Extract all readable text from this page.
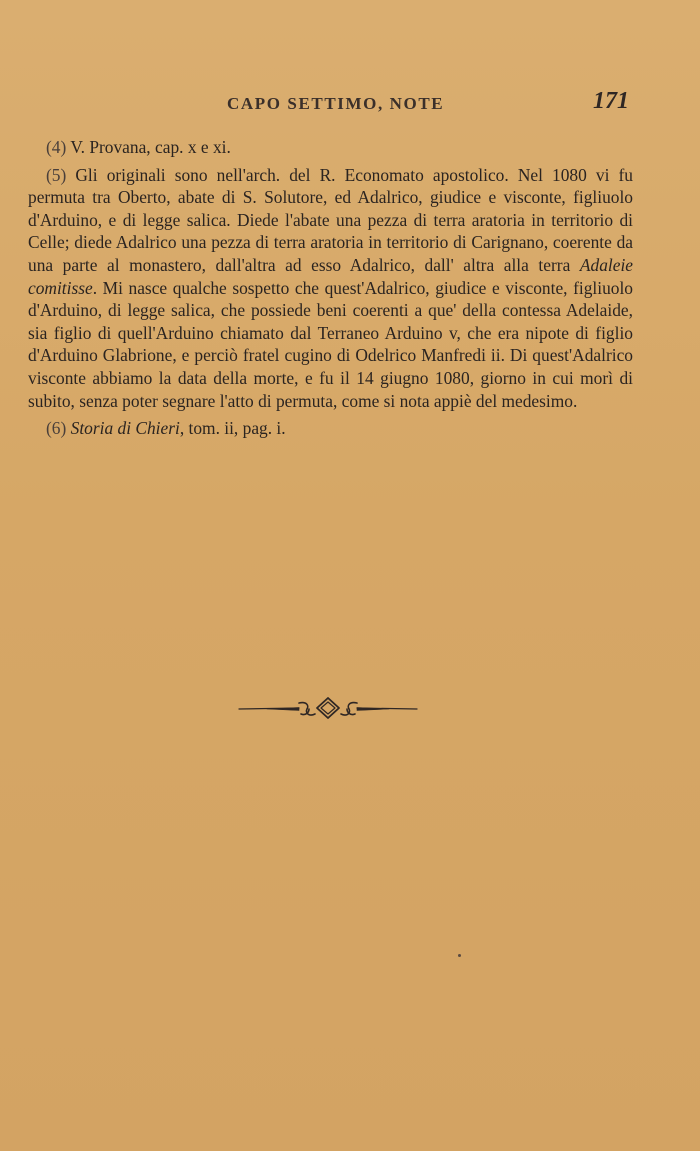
CAPO SETTIMO, NOTE	171

(4) V. Provana, cap. x e xi.

(5) Gli originali sono nell'arch. del R. Economato apostolico. Nel 1080 vi fu permuta tra Oberto, abate di S. Solutore, ed Adalrico, giudice e visconte, figliuolo d'Arduino, e di legge salica. Diede l'abate una pezza di terra aratoria in territorio di Celle; diede Adalrico una pezza di terra aratoria in territorio di Carignano, coerente da una parte al monastero, dall'altra ad esso Adalrico, dall' altra alla terra Adaleie comitisse. Mi nasce qualche sospetto che quest'Adalrico, giudice e visconte, figliuolo d'Arduino, di legge salica, che possiede beni coerenti a que' della contessa Adelaide, sia figlio di quell'Arduino chiamato dal Terraneo Arduino v, che era nipote di figlio d'Arduino Glabrione, e perciò fratel cugino di Odelrico Manfredi ii. Di quest'Adalrico visconte abbiamo la data della morte, e fu il 14 giugno 1080, giorno in cui morì di subito, senza poter segnare l'atto di permuta, come si nota appiè del medesimo.

(6) Storia di Chieri, tom. ii, pag. i.
